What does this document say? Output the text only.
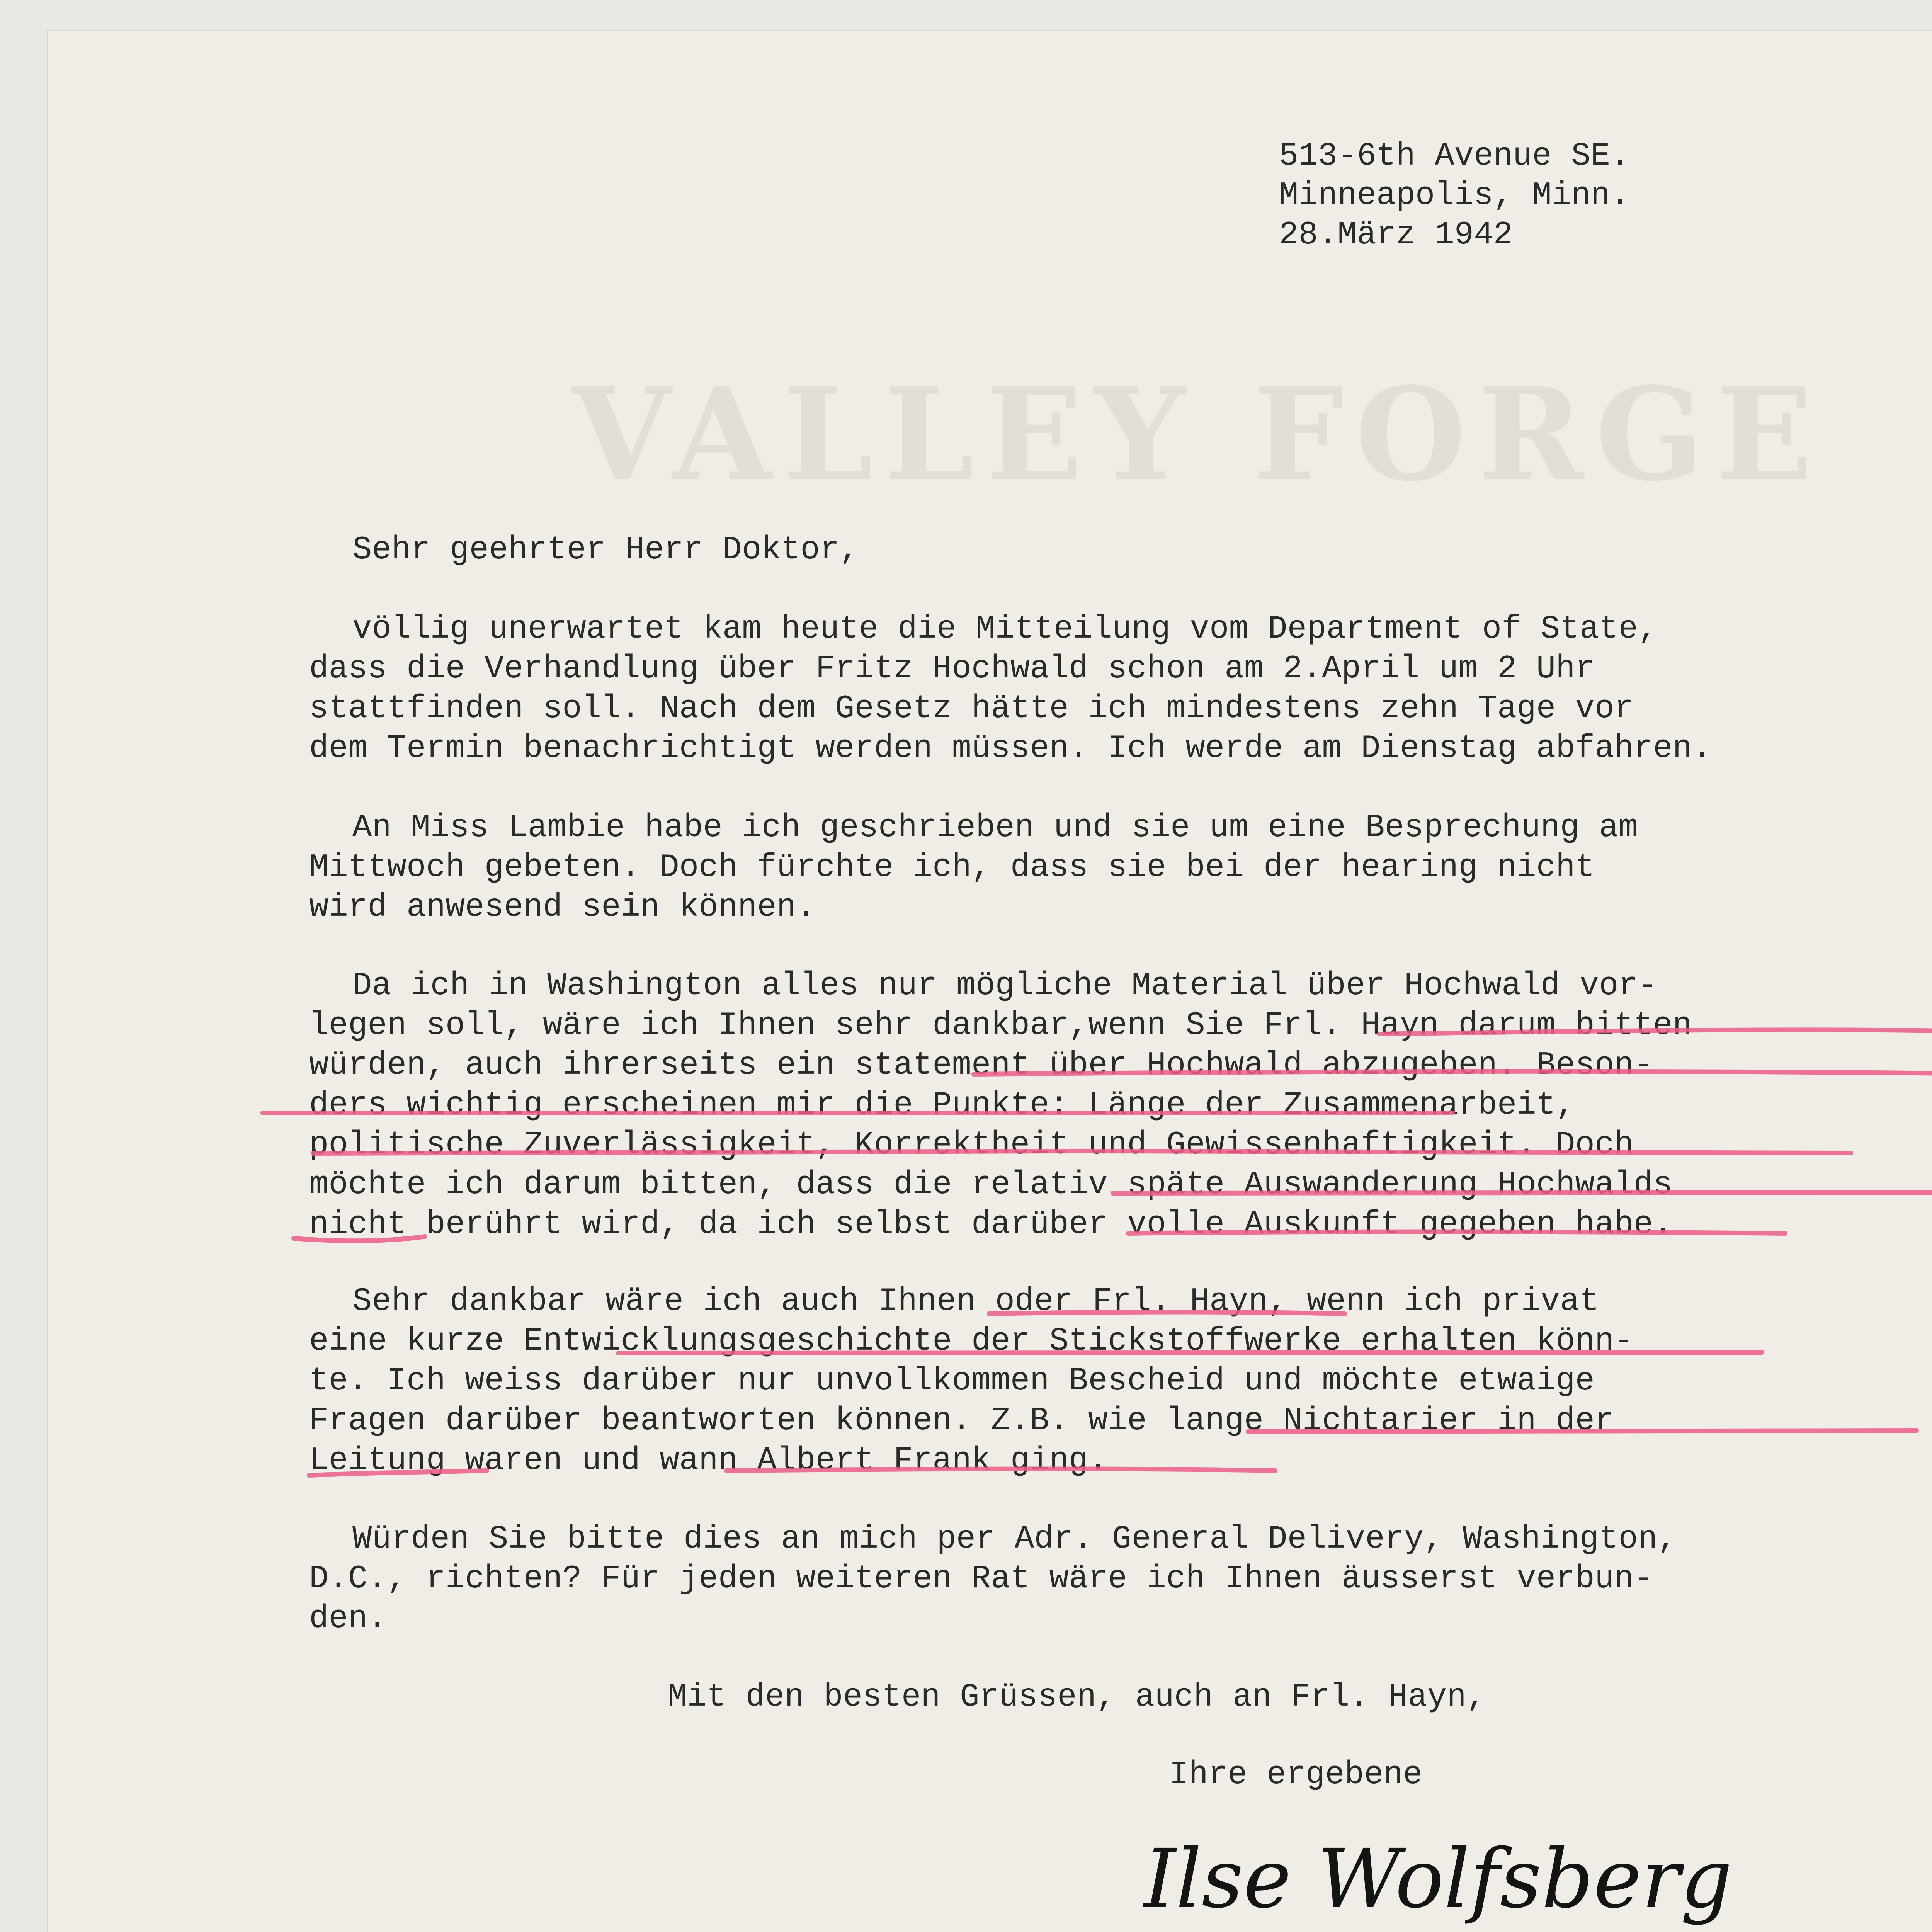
VALLEY FORGE
513-6th Avenue SE.
Minneapolis, Minn.
28.März 1942
Sehr geehrter Herr Doktor,
völlig unerwartet kam heute die Mitteilung vom Department of State,
dass die Verhandlung über Fritz Hochwald schon am 2.April um 2 Uhr
stattfinden soll. Nach dem Gesetz hätte ich mindestens zehn Tage vor
dem Termin benachrichtigt werden müssen. Ich werde am Dienstag abfahren.
An Miss Lambie habe ich geschrieben und sie um eine Besprechung am
Mittwoch gebeten. Doch fürchte ich, dass sie bei der hearing nicht
wird anwesend sein können.
Da ich in Washington alles nur mögliche Material über Hochwald vor-
legen soll, wäre ich Ihnen sehr dankbar,wenn Sie Frl. Hayn darum bitten
würden, auch ihrerseits ein statement über Hochwald abzugeben. Beson-
ders wichtig erscheinen mir die Punkte: Länge der Zusammenarbeit,
politische Zuverlässigkeit, Korrektheit und Gewissenhaftigkeit. Doch
möchte ich darum bitten, dass die relativ späte Auswanderung Hochwalds
nicht berührt wird, da ich selbst darüber volle Auskunft gegeben habe.
Sehr dankbar wäre ich auch Ihnen oder Frl. Hayn, wenn ich privat
eine kurze Entwicklungsgeschichte der Stickstoffwerke erhalten könn-
te. Ich weiss darüber nur unvollkommen Bescheid und möchte etwaige
Fragen darüber beantworten können. Z.B. wie lange Nichtarier in der
Leitung waren und wann Albert Frank ging.
Würden Sie bitte dies an mich per Adr. General Delivery, Washington,
D.C., richten? Für jeden weiteren Rat wäre ich Ihnen äusserst verbun-
den.
Mit den besten Grüssen, auch an Frl. Hayn,
Ihre ergebene
Ilse Wolfsberg
